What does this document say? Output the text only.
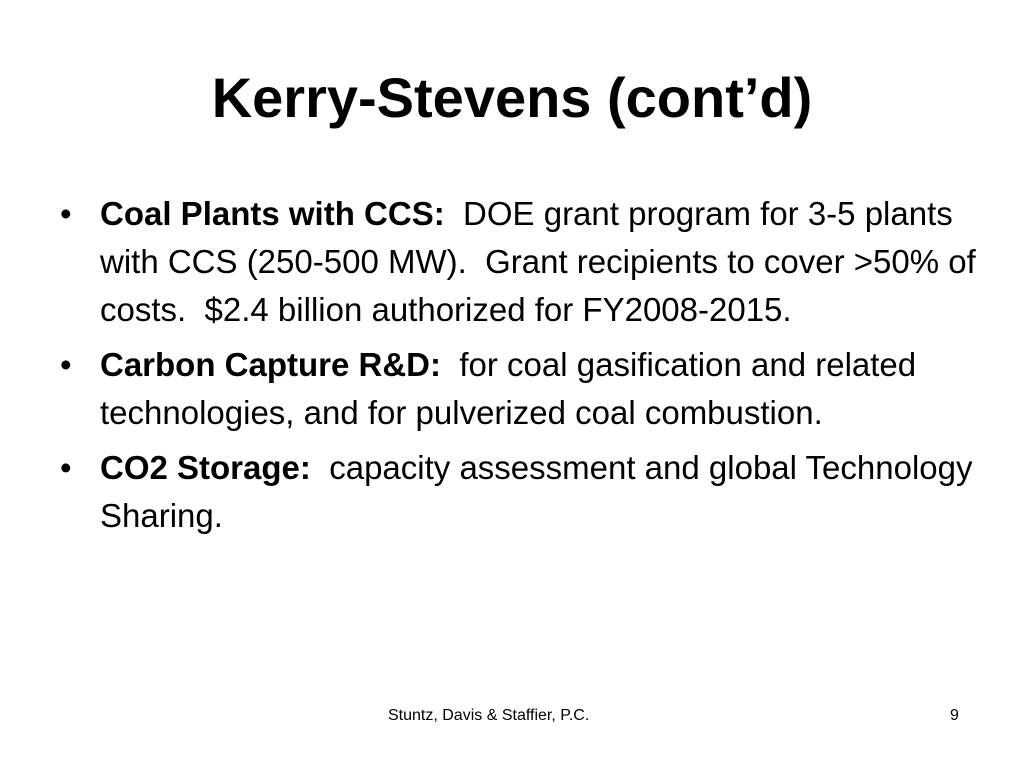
Kerry-Stevens (cont’d)
• Coal Plants with CCS:  DOE grant program for 3-5 plants with CCS (250-500 MW).  Grant recipients to cover >50% of costs.  $2.4 billion authorized for FY2008-2015.
• Carbon Capture R&D:  for coal gasification and related technologies, and for pulverized coal combustion.
• CO2 Storage:  capacity assessment and global Technology Sharing.
Stuntz, Davis & Staffier, P.C.	9
